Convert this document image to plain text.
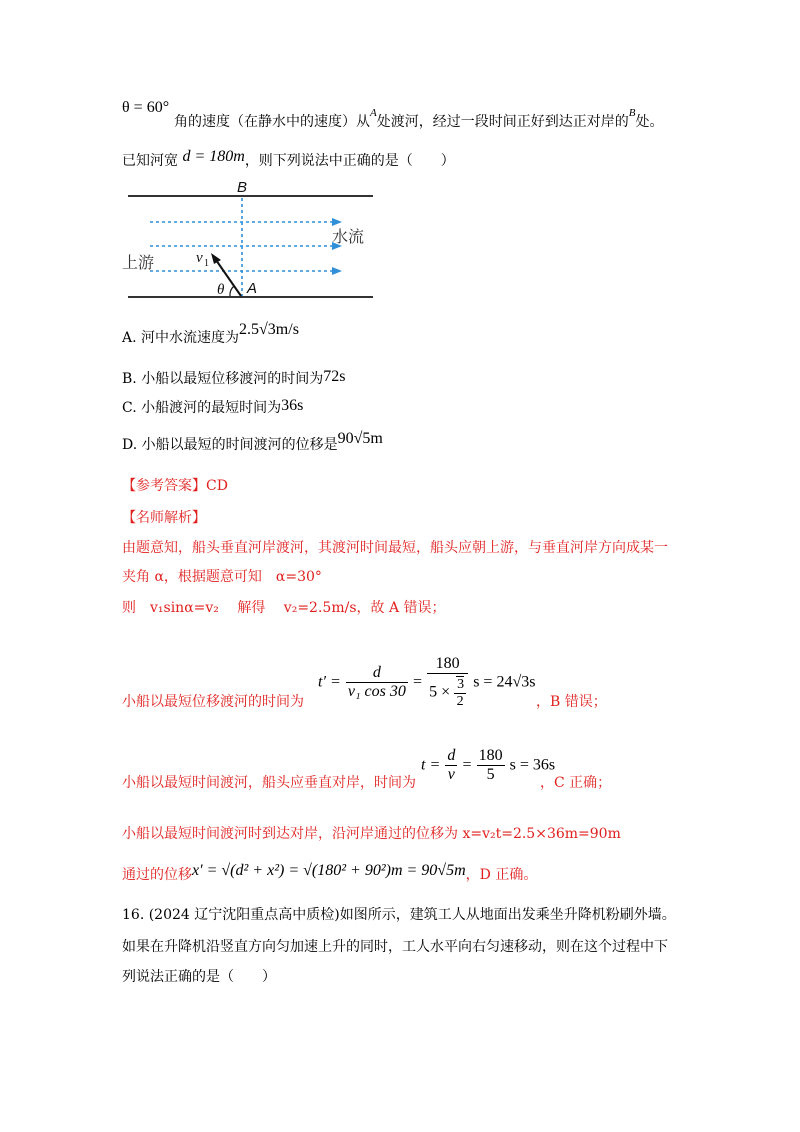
θ = 60°
角的速度（在静水中的速度）从$^A$处渡河，经过一段时间正好到达正对岸的$^B$处。
已知河宽 d = 180m，则下列说法中正确的是（　　）
B
A
θ
v 1
水流
上游
A. 河中水流速度为2.5√3m/s
B. 小船以最短位移渡河的时间为72s
C. 小船渡河的最短时间为36s
D. 小船以最短的时间渡河的位移是90√5m
【参考答案】CD
【名师解析】
由题意知，船头垂直河岸渡河，其渡河时间最短，船头应朝上游，与垂直河岸方向成某一
夹角 α，根据题意可知　α=30°
则　v₁sinα=v₂　 解得　 v₂=2.5m/s，故 A 错误；
$t' = \frac{d}{\text{v₁ cos 30}} = \frac{180}{5 \times \frac{3}{2}}$ s = 24√3s
小船以最短位移渡河的时间为	，B 错误；
$t = \frac{d}{v} = \frac{180}{5}$ s = 36s
小船以最短时间渡河，船头应垂直对岸，时间为	，C 正确；
小船以最短时间渡河时到达对岸，沿河岸通过的位移为 x=v₂t=2.5×36m=90m
通过的位移x′ = √(d² + x²) = √(180² + 90²)m = 90√5m，D 正确。
16. (2024 辽宁沈阳重点高中质检)如图所示，建筑工人从地面出发乘坐升降机粉刷外墙。
如果在升降机沿竖直方向匀加速上升的同时，工人水平向右匀速移动，则在这个过程中下
列说法正确的是（　　）
